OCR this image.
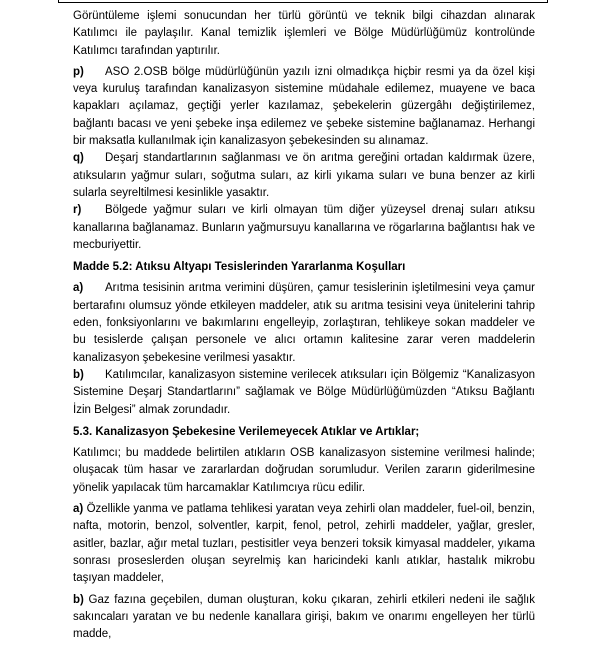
Görüntüleme işlemi sonucundan her türlü görüntü ve teknik bilgi cihazdan alınarak Katılımcı ile paylaşılır. Kanal temizlik işlemleri ve Bölge Müdürlüğümüz kontrolünde Katılımcı tarafından yaptırılır.

p) ASO 2.OSB bölge müdürlüğünün yazılı izni olmadıkça hiçbir resmi ya da özel kişi veya kuruluş tarafından kanalizasyon sistemine müdahale edilemez, muayene ve baca kapakları açılamaz, geçtiği yerler kazılamaz, şebekelerin güzergâhı değiştirilemez, bağlantı bacası ve yeni şebeke inşa edilemez ve şebeke sistemine bağlanamaz. Herhangi bir maksatla kullanılmak için kanalizasyon şebekesinden su alınamaz.

q) Deşarj standartlarının sağlanması ve ön arıtma gereğini ortadan kaldırmak üzere, atıksuların yağmur suları, soğutma suları, az kirli yıkama suları ve buna benzer az kirli sularla seyreltilmesi kesinlikle yasaktır.

r) Bölgede yağmur suları ve kirli olmayan tüm diğer yüzeysel drenaj suları atıksu kanallarına bağlanamaz. Bunların yağmursuyu kanallarına ve rögarlarına bağlantısı hak ve mecburiyettir.

Madde 5.2: Atıksu Altyapı Tesislerinden Yararlanma Koşulları

a) Arıtma tesisinin arıtma verimini düşüren, çamur tesislerinin işletilmesini veya çamur bertarafını olumsuz yönde etkileyen maddeler, atık su arıtma tesisini veya ünitelerini tahrip eden, fonksiyonlarını ve bakımlarını engelleyip, zorlaştıran, tehlikeye sokan maddeler ve bu tesislerde çalışan personele ve alıcı ortamın kalitesine zarar veren maddelerin kanalizasyon şebekesine verilmesi yasaktır.

b) Katılımcılar, kanalizasyon sistemine verilecek atıksuları için Bölgemiz “Kanalizasyon Sistemine Deşarj Standartlarını” sağlamak ve Bölge Müdürlüğümüzden “Atıksu Bağlantı İzin Belgesi” almak zorundadır.

5.3. Kanalizasyon Şebekesine Verilemeyecek Atıklar ve Artıklar;

Katılımcı; bu maddede belirtilen atıkların OSB kanalizasyon sistemine verilmesi halinde; oluşacak tüm hasar ve zararlardan doğrudan sorumludur. Verilen zararın giderilmesine yönelik yapılacak tüm harcamaklar Katılımcıya rücu edilir.

a) Özellikle yanma ve patlama tehlikesi yaratan veya zehirli olan maddeler, fuel-oil, benzin, nafta, motorin, benzol, solventler, karpit, fenol, petrol, zehirli maddeler, yağlar, gresler, asitler, bazlar, ağır metal tuzları, pestisitler veya benzeri toksik kimyasal maddeler, yıkama sonrası proseslerden oluşan seyrelmiş kan haricindeki kanlı atıklar, hastalık mikrobu taşıyan maddeler,

b) Gaz fazına geçebilen, duman oluşturan, koku çıkaran, zehirli etkileri nedeni ile sağlık sakıncaları yaratan ve bu nedenle kanallara girişi, bakım ve onarımı engelleyen her türlü madde,
